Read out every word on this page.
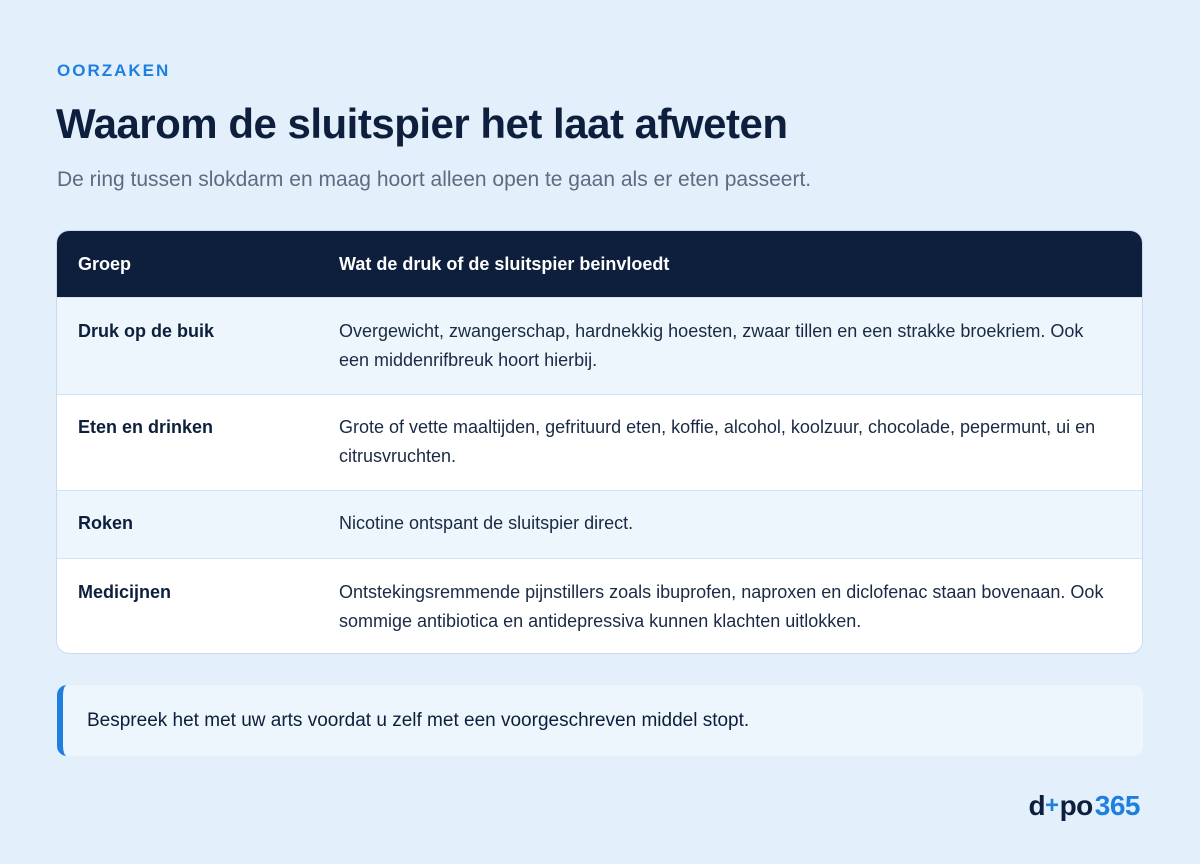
OORZAKEN
Waarom de sluitspier het laat afweten
De ring tussen slokdarm en maag hoort alleen open te gaan als er eten passeert.
Groep	Wat de druk of de sluitspier beinvloedt
Druk op de buik	Overgewicht, zwangerschap, hardnekkig hoesten, zwaar tillen en een strakke broekriem. Ook een middenrifbreuk hoort hierbij.
Eten en drinken	Grote of vette maaltijden, gefrituurd eten, koffie, alcohol, koolzuur, chocolade, pepermunt, ui en citrusvruchten.
Roken	Nicotine ontspant de sluitspier direct.
Medicijnen	Ontstekingsremmende pijnstillers zoals ibuprofen, naproxen en diclofenac staan bovenaan. Ook sommige antibiotica en antidepressiva kunnen klachten uitlokken.
Bespreek het met uw arts voordat u zelf met een voorgeschreven middel stopt.
d + po 365
